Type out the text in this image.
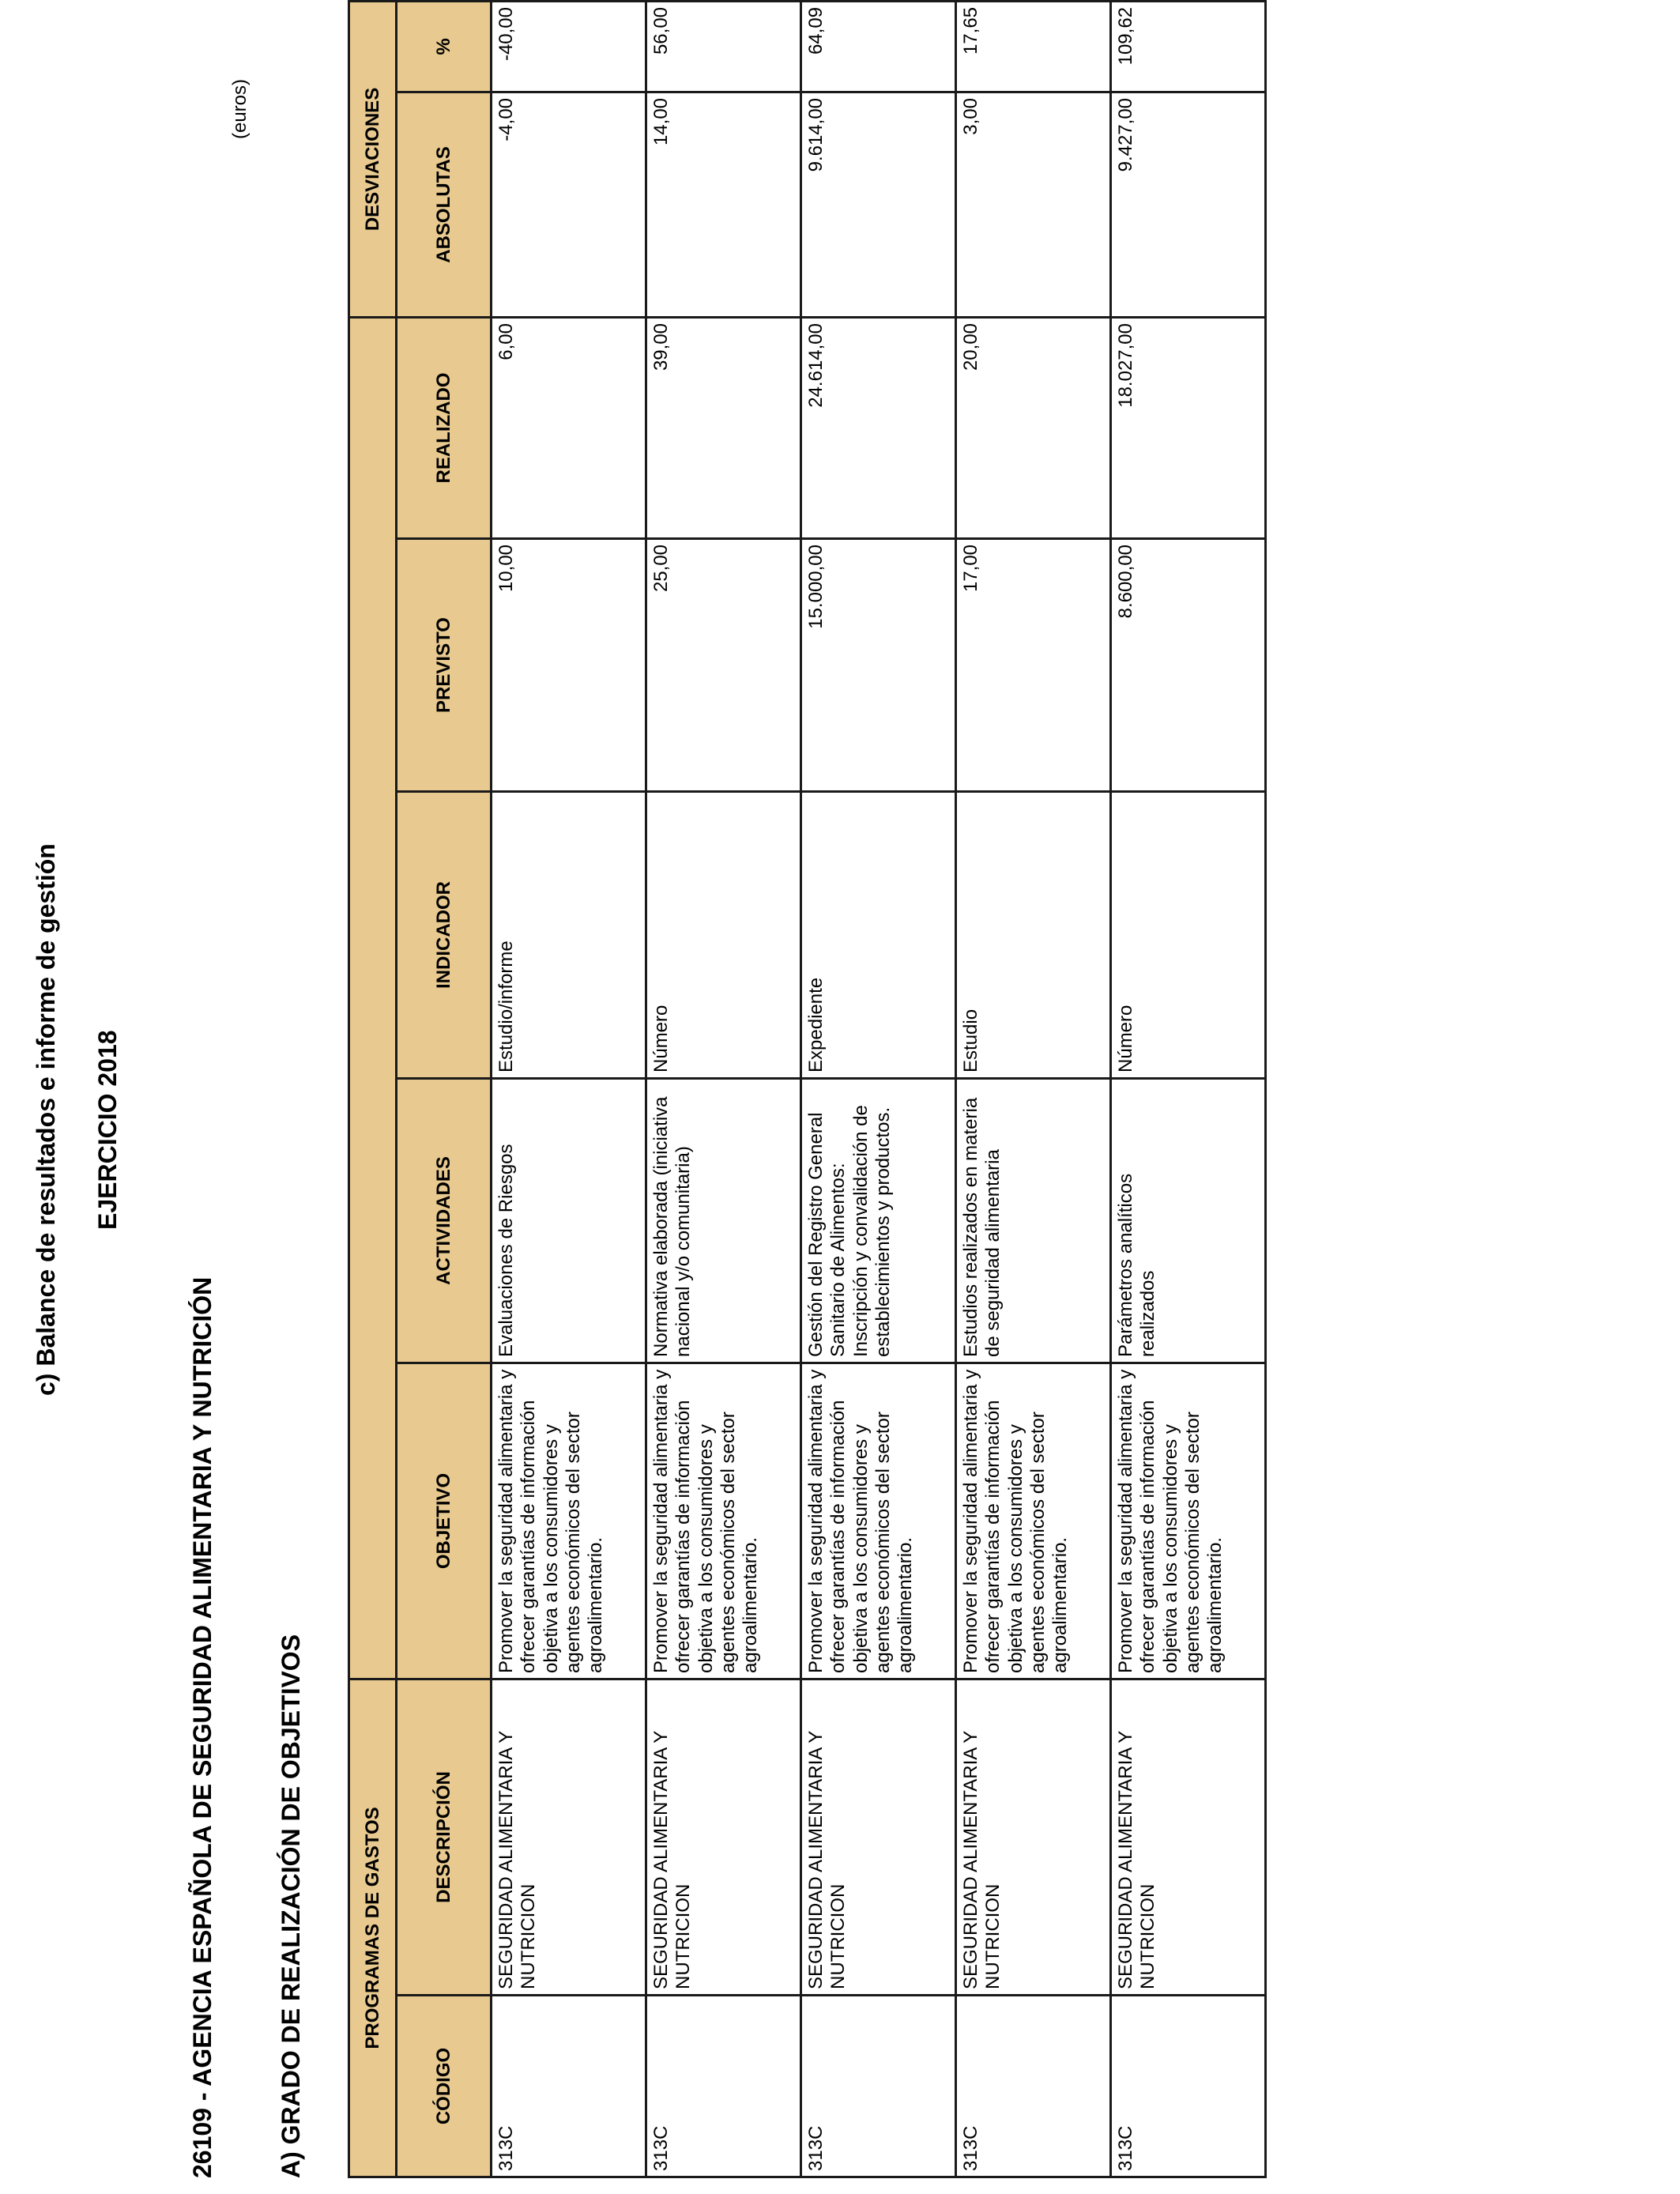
c) Balance de resultados e informe de gestión EJERCICIO 2018
26109 - AGENCIA ESPAÑOLA DE SEGURIDAD ALIMENTARIA Y NUTRICIÓN
(euros)
A) GRADO DE REALIZACIÓN DE OBJETIVOS	PROGRAMAS DE GASTOS							DESVIACIONES	
CÓDIGO	DESCRIPCIÓN	OBJETIVO	ACTIVIDADES	INDICADOR	PREVISTO	REALIZADO	ABSOLUTAS	%
313C	SEGURIDAD ALIMENTARIA Y NUTRICION	Promover la seguridad alimentaria y ofrecer garantías de información objetiva a los consumidores y agentes económicos del sector agroalimentario.	Evaluaciones de Riesgos	Estudio/informe	10,00	6,00	-4,00	-40,00
313C	SEGURIDAD ALIMENTARIA Y NUTRICION	Promover la seguridad alimentaria y ofrecer garantías de información objetiva a los consumidores y agentes económicos del sector agroalimentario.	Normativa elaborada (iniciativa nacional y/o comunitaria)	Número	25,00	39,00	14,00	56,00
313C	SEGURIDAD ALIMENTARIA Y NUTRICION	Promover la seguridad alimentaria y ofrecer garantías de información objetiva a los consumidores y agentes económicos del sector agroalimentario.	Gestión del Registro General Sanitario de Alimentos: Inscripción y convalidación de establecimientos y productos.	Expediente	15.000,00	24.614,00	9.614,00	64,09
313C	SEGURIDAD ALIMENTARIA Y NUTRICION	Promover la seguridad alimentaria y ofrecer garantías de información objetiva a los consumidores y agentes económicos del sector agroalimentario.	Estudios realizados en materia de seguridad alimentaria	Estudio	17,00	20,00	3,00	17,65
313C	SEGURIDAD ALIMENTARIA Y NUTRICION	Promover la seguridad alimentaria y ofrecer garantías de información objetiva a los consumidores y agentes económicos del sector agroalimentario.	Parámetros analíticos realizados	Número	8.600,00	18.027,00	9.427,00	109,62
